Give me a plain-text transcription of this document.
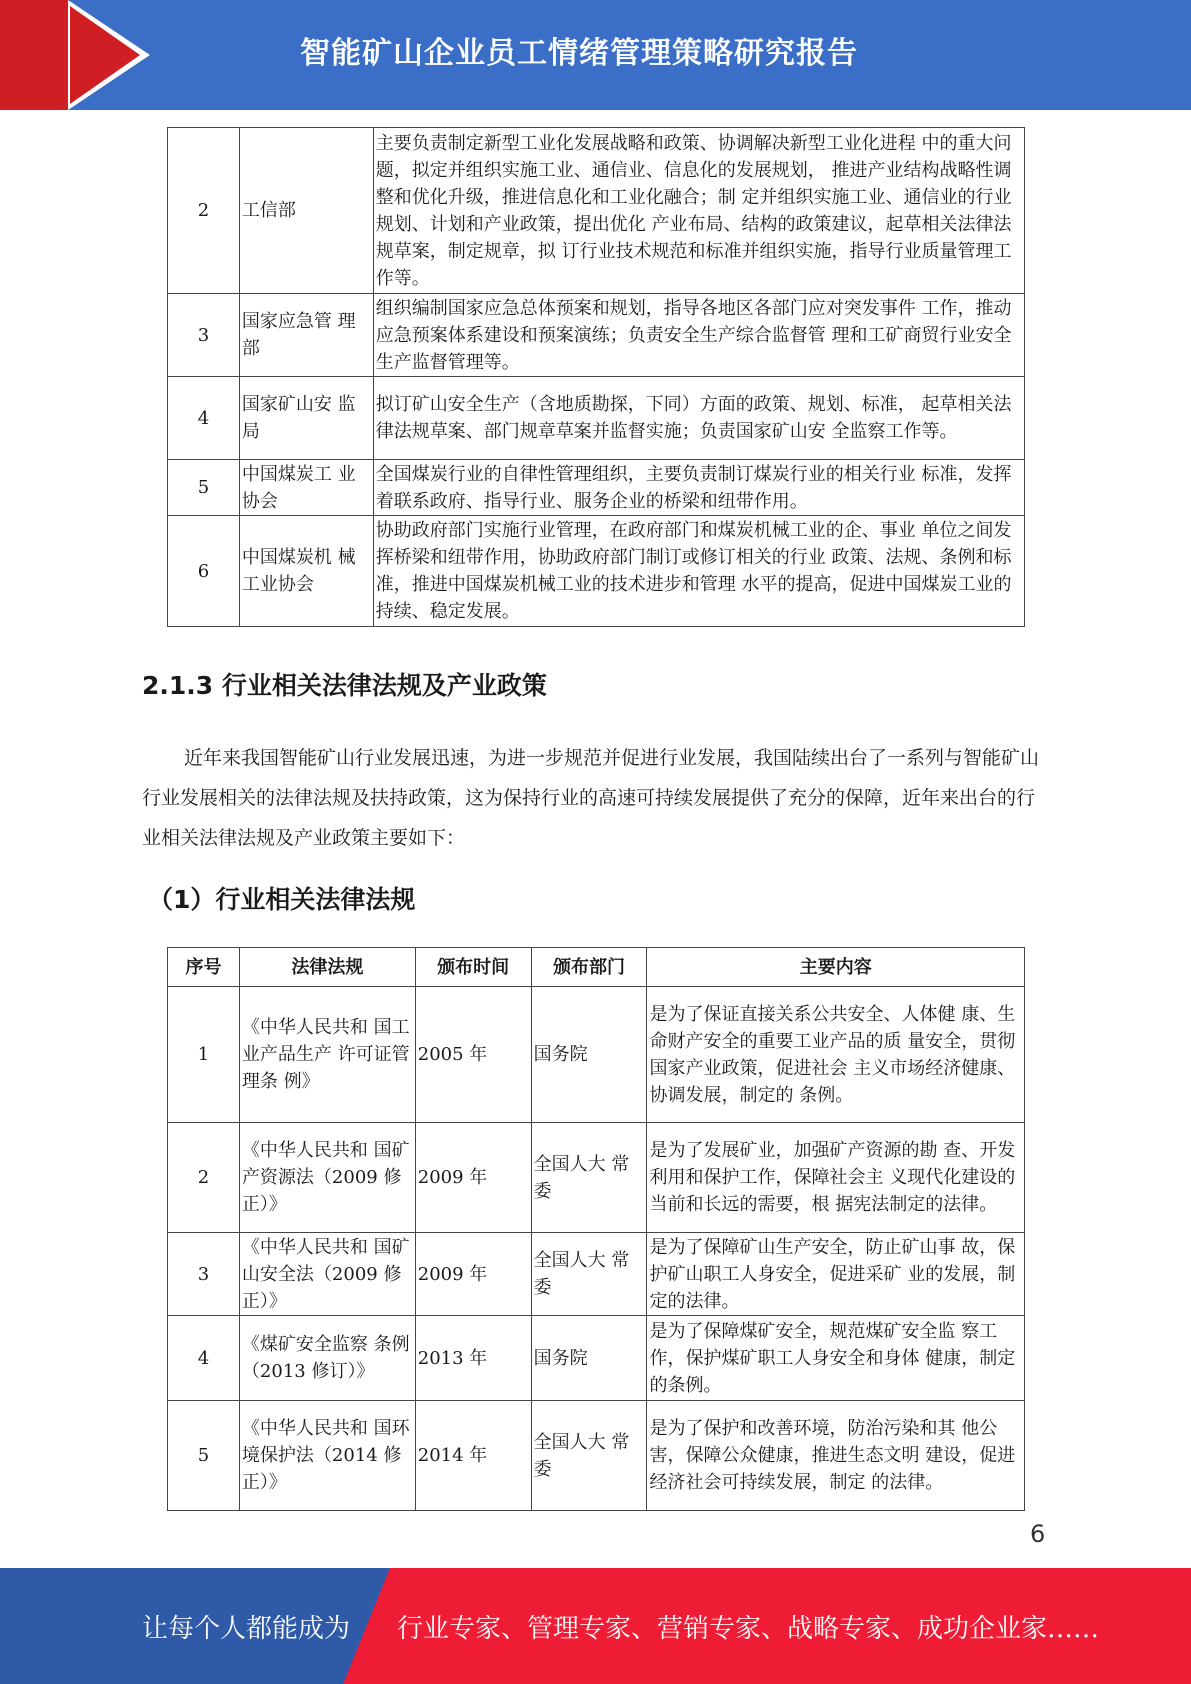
智能矿山企业员工情绪管理策略研究报告
2	工信部	主要负责制定新型工业化发展战略和政策、协调解决新型工业化进程 中的重大问题，拟定并组织实施工业、通信业、信息化的发展规划， 推进产业结构战略性调整和优化升级，推进信息化和工业化融合；制 定并组织实施工业、通信业的行业规划、计划和产业政策，提出优化 产业布局、结构的政策建议，起草相关法律法规草案，制定规章，拟 订行业技术规范和标准并组织实施，指导行业质量管理工作等。
3	国家应急管 理部	组织编制国家应急总体预案和规划，指导各地区各部门应对突发事件 工作，推动应急预案体系建设和预案演练；负责安全生产综合监督管 理和工矿商贸行业安全生产监督管理等。
4	国家矿山安 监局	拟订矿山安全生产（含地质勘探，下同）方面的政策、规划、标准， 起草相关法律法规草案、部门规章草案并监督实施；负责国家矿山安 全监察工作等。
5	中国煤炭工 业协会	全国煤炭行业的自律性管理组织，主要负责制订煤炭行业的相关行业 标准，发挥着联系政府、指导行业、服务企业的桥梁和纽带作用。
6	中国煤炭机 械工业协会	协助政府部门实施行业管理，在政府部门和煤炭机械工业的企、事业 单位之间发挥桥梁和纽带作用，协助政府部门制订或修订相关的行业 政策、法规、条例和标准，推进中国煤炭机械工业的技术进步和管理 水平的提高，促进中国煤炭工业的持续、稳定发展。
2.1.3 行业相关法律法规及产业政策
近年来我国智能矿山行业发展迅速，为进一步规范并促进行业发展，我国陆续出台了一系列与智能矿山行业发展相关的法律法规及扶持政策，这为保持行业的高速可持续发展提供了充分的保障，近年来出台的行业相关法律法规及产业政策主要如下：
（1）行业相关法律法规
序号	法律法规	颁布时间	颁布部门	主要内容
1	《中华人民共和 国工业产品生产 许可证管理条 例》	2005 年	国务院	是为了保证直接关系公共安全、人体健 康、生命财产安全的重要工业产品的质 量安全，贯彻国家产业政策，促进社会 主义市场经济健康、协调发展，制定的 条例。
2	《中华人民共和 国矿产资源法（2009 修正）》	2009 年	全国人大 常委	是为了发展矿业，加强矿产资源的勘 查、开发利用和保护工作，保障社会主 义现代化建设的当前和长远的需要，根 据宪法制定的法律。
3	《中华人民共和 国矿山安全法（2009 修正）》	2009 年	全国人大 常委	是为了保障矿山生产安全，防止矿山事 故，保护矿山职工人身安全，促进采矿 业的发展，制定的法律。
4	《煤矿安全监察 条例（2013 修订）》	2013 年	国务院	是为了保障煤矿安全，规范煤矿安全监 察工作，保护煤矿职工人身安全和身体 健康，制定的条例。
5	《中华人民共和 国环境保护法（2014 修正）》	2014 年	全国人大 常委	是为了保护和改善环境，防治污染和其 他公害，保障公众健康，推进生态文明 建设，促进经济社会可持续发展，制定 的法律。
6
让每个人都能成为 行业专家、管理专家、营销专家、战略专家、成功企业家……
